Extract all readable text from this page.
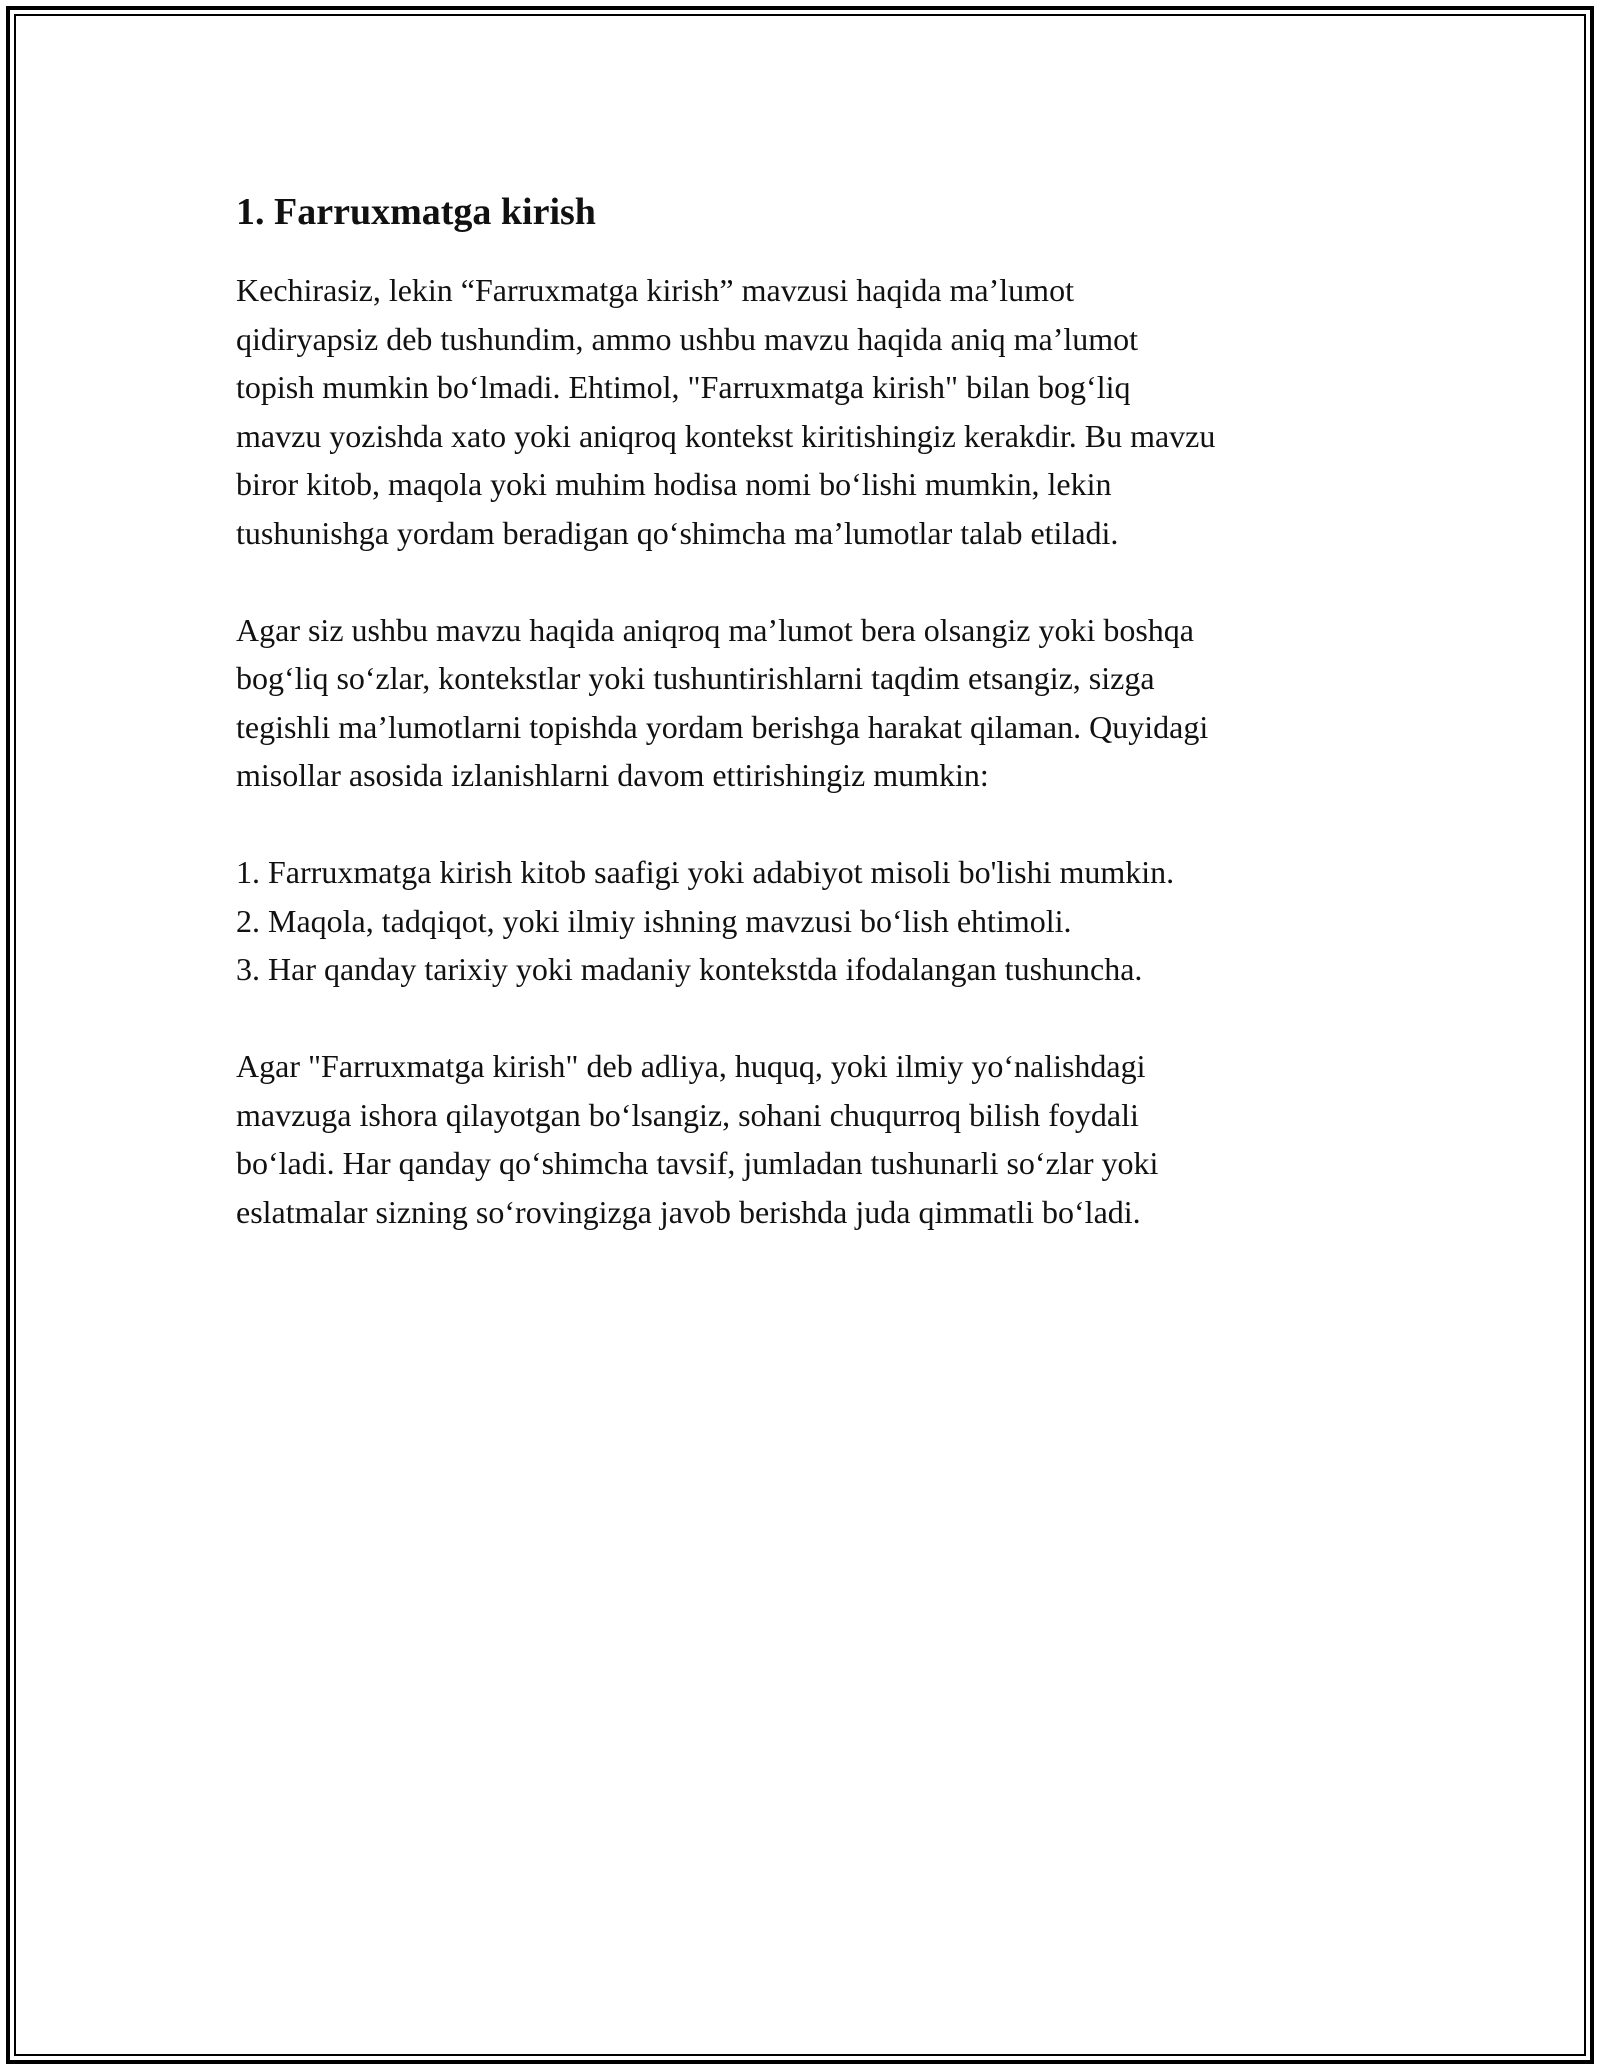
1. Farruxmatga kirish

Kechirasiz, lekin “Farruxmatga kirish” mavzusi haqida ma’lumot
qidiryapsiz deb tushundim, ammo ushbu mavzu haqida aniq ma’lumot
topish mumkin bo‘lmadi. Ehtimol, "Farruxmatga kirish" bilan bog‘liq
mavzu yozishda xato yoki aniqroq kontekst kiritishingiz kerakdir. Bu mavzu
biror kitob, maqola yoki muhim hodisa nomi bo‘lishi mumkin, lekin
tushunishga yordam beradigan qo‘shimcha ma’lumotlar talab etiladi.

Agar siz ushbu mavzu haqida aniqroq ma’lumot bera olsangiz yoki boshqa
bog‘liq so‘zlar, kontekstlar yoki tushuntirishlarni taqdim etsangiz, sizga
tegishli ma’lumotlarni topishda yordam berishga harakat qilaman. Quyidagi
misollar asosida izlanishlarni davom ettirishingiz mumkin:

1. Farruxmatga kirish kitob saafigi yoki adabiyot misoli bo'lishi mumkin.
2. Maqola, tadqiqot, yoki ilmiy ishning mavzusi bo‘lish ehtimoli.
3. Har qanday tarixiy yoki madaniy kontekstda ifodalangan tushuncha.

Agar "Farruxmatga kirish" deb adliya, huquq, yoki ilmiy yo‘nalishdagi
mavzuga ishora qilayotgan bo‘lsangiz, sohani chuqurroq bilish foydali
bo‘ladi. Har qanday qo‘shimcha tavsif, jumladan tushunarli so‘zlar yoki
eslatmalar sizning so‘rovingizga javob berishda juda qimmatli bo‘ladi.
